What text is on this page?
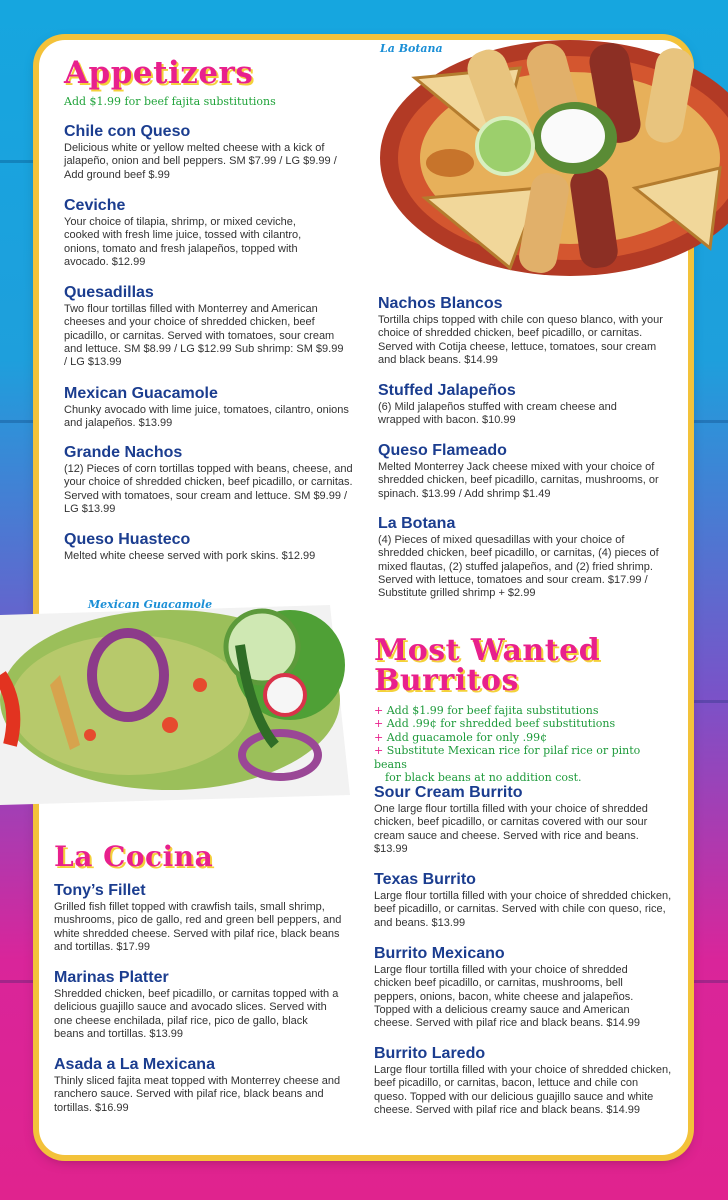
La Botana
Mexican Guacamole
Appetizers
Add $1.99 for beef fajita substitutions
Chile con Queso
Delicious white or yellow melted cheese with a kick of jalapeño, onion and bell peppers. SM $7.99 / LG $9.99 / Add ground beef $.99
Ceviche
Your choice of tilapia, shrimp, or mixed ceviche, cooked with fresh lime juice, tossed with cilantro, onions, tomato and fresh jalapeños, topped with avocado. $12.99
Quesadillas
Two flour tortillas filled with Monterrey and American cheeses and your choice of shredded chicken, beef picadillo, or carnitas. Served with tomatoes, sour cream and lettuce. SM $8.99 / LG $12.99 Sub shrimp: SM $9.99 / LG $13.99
Mexican Guacamole
Chunky avocado with lime juice, tomatoes, cilantro, onions and jalapeños. $13.99
Grande Nachos
(12) Pieces of corn tortillas topped with beans, cheese, and your choice of shredded chicken, beef picadillo, or carnitas. Served with tomatoes, sour cream and lettuce. SM $9.99 / LG $13.99
Queso Huasteco
Melted white cheese served with pork skins. $12.99
Nachos Blancos
Tortilla chips topped with chile con queso blanco, with your choice of shredded chicken, beef picadillo, or carnitas. Served with Cotija cheese, lettuce, tomatoes, sour cream and black beans. $14.99
Stuffed Jalapeños
(6) Mild jalapeños stuffed with cream cheese and wrapped with bacon. $10.99
Queso Flameado
Melted Monterrey Jack cheese mixed with your choice of shredded chicken, beef picadillo, carnitas, mushrooms, or spinach. $13.99 / Add shrimp $1.49
La Botana
(4) Pieces of mixed quesadillas with your choice of shredded chicken, beef picadillo, or carnitas, (4) pieces of mixed flautas, (2) stuffed jalapeños, and (2) fried shrimp. Served with lettuce, tomatoes and sour cream. $17.99 / Substitute grilled shrimp + $2.99
Most Wanted
Burritos
+ Add $1.99 for beef fajita substitutions
+ Add .99¢ for shredded beef substitutions
+ Add guacamole for only .99¢
+ Substitute Mexican rice for pilaf rice or pinto beans
for black beans at no addition cost.
Sour Cream Burrito
One large flour tortilla filled with your choice of shredded chicken, beef picadillo, or carnitas covered with our sour cream sauce and cheese. Served with rice and beans. $13.99
Texas Burrito
Large flour tortilla filled with your choice of shredded chicken, beef picadillo, or carnitas. Served with chile con queso, rice, and beans. $13.99
Burrito Mexicano
Large flour tortilla filled with your choice of shredded chicken beef picadillo, or carnitas, mushrooms, bell peppers, onions, bacon, white cheese and jalapeños. Topped with a delicious creamy sauce and American cheese. Served with pilaf rice and black beans. $14.99
Burrito Laredo
Large flour tortilla filled with your choice of shredded chicken, beef picadillo, or carnitas, bacon, lettuce and chile con queso. Topped with our delicious guajillo sauce and white cheese. Served with pilaf rice and black beans. $14.99
La Cocina
Tony’s Fillet
Grilled fish fillet topped with crawfish tails, small shrimp, mushrooms, pico de gallo, red and green bell peppers, and white shredded cheese. Served with pilaf rice, black beans and tortillas. $17.99
Marinas Platter
Shredded chicken, beef picadillo, or carnitas topped with a delicious guajillo sauce and avocado slices. Served with one cheese enchilada, pilaf rice, pico de gallo, black beans and tortillas. $13.99
Asada a La Mexicana
Thinly sliced fajita meat topped with Monterrey cheese and ranchero sauce. Served with pilaf rice, black beans and tortillas. $16.99
